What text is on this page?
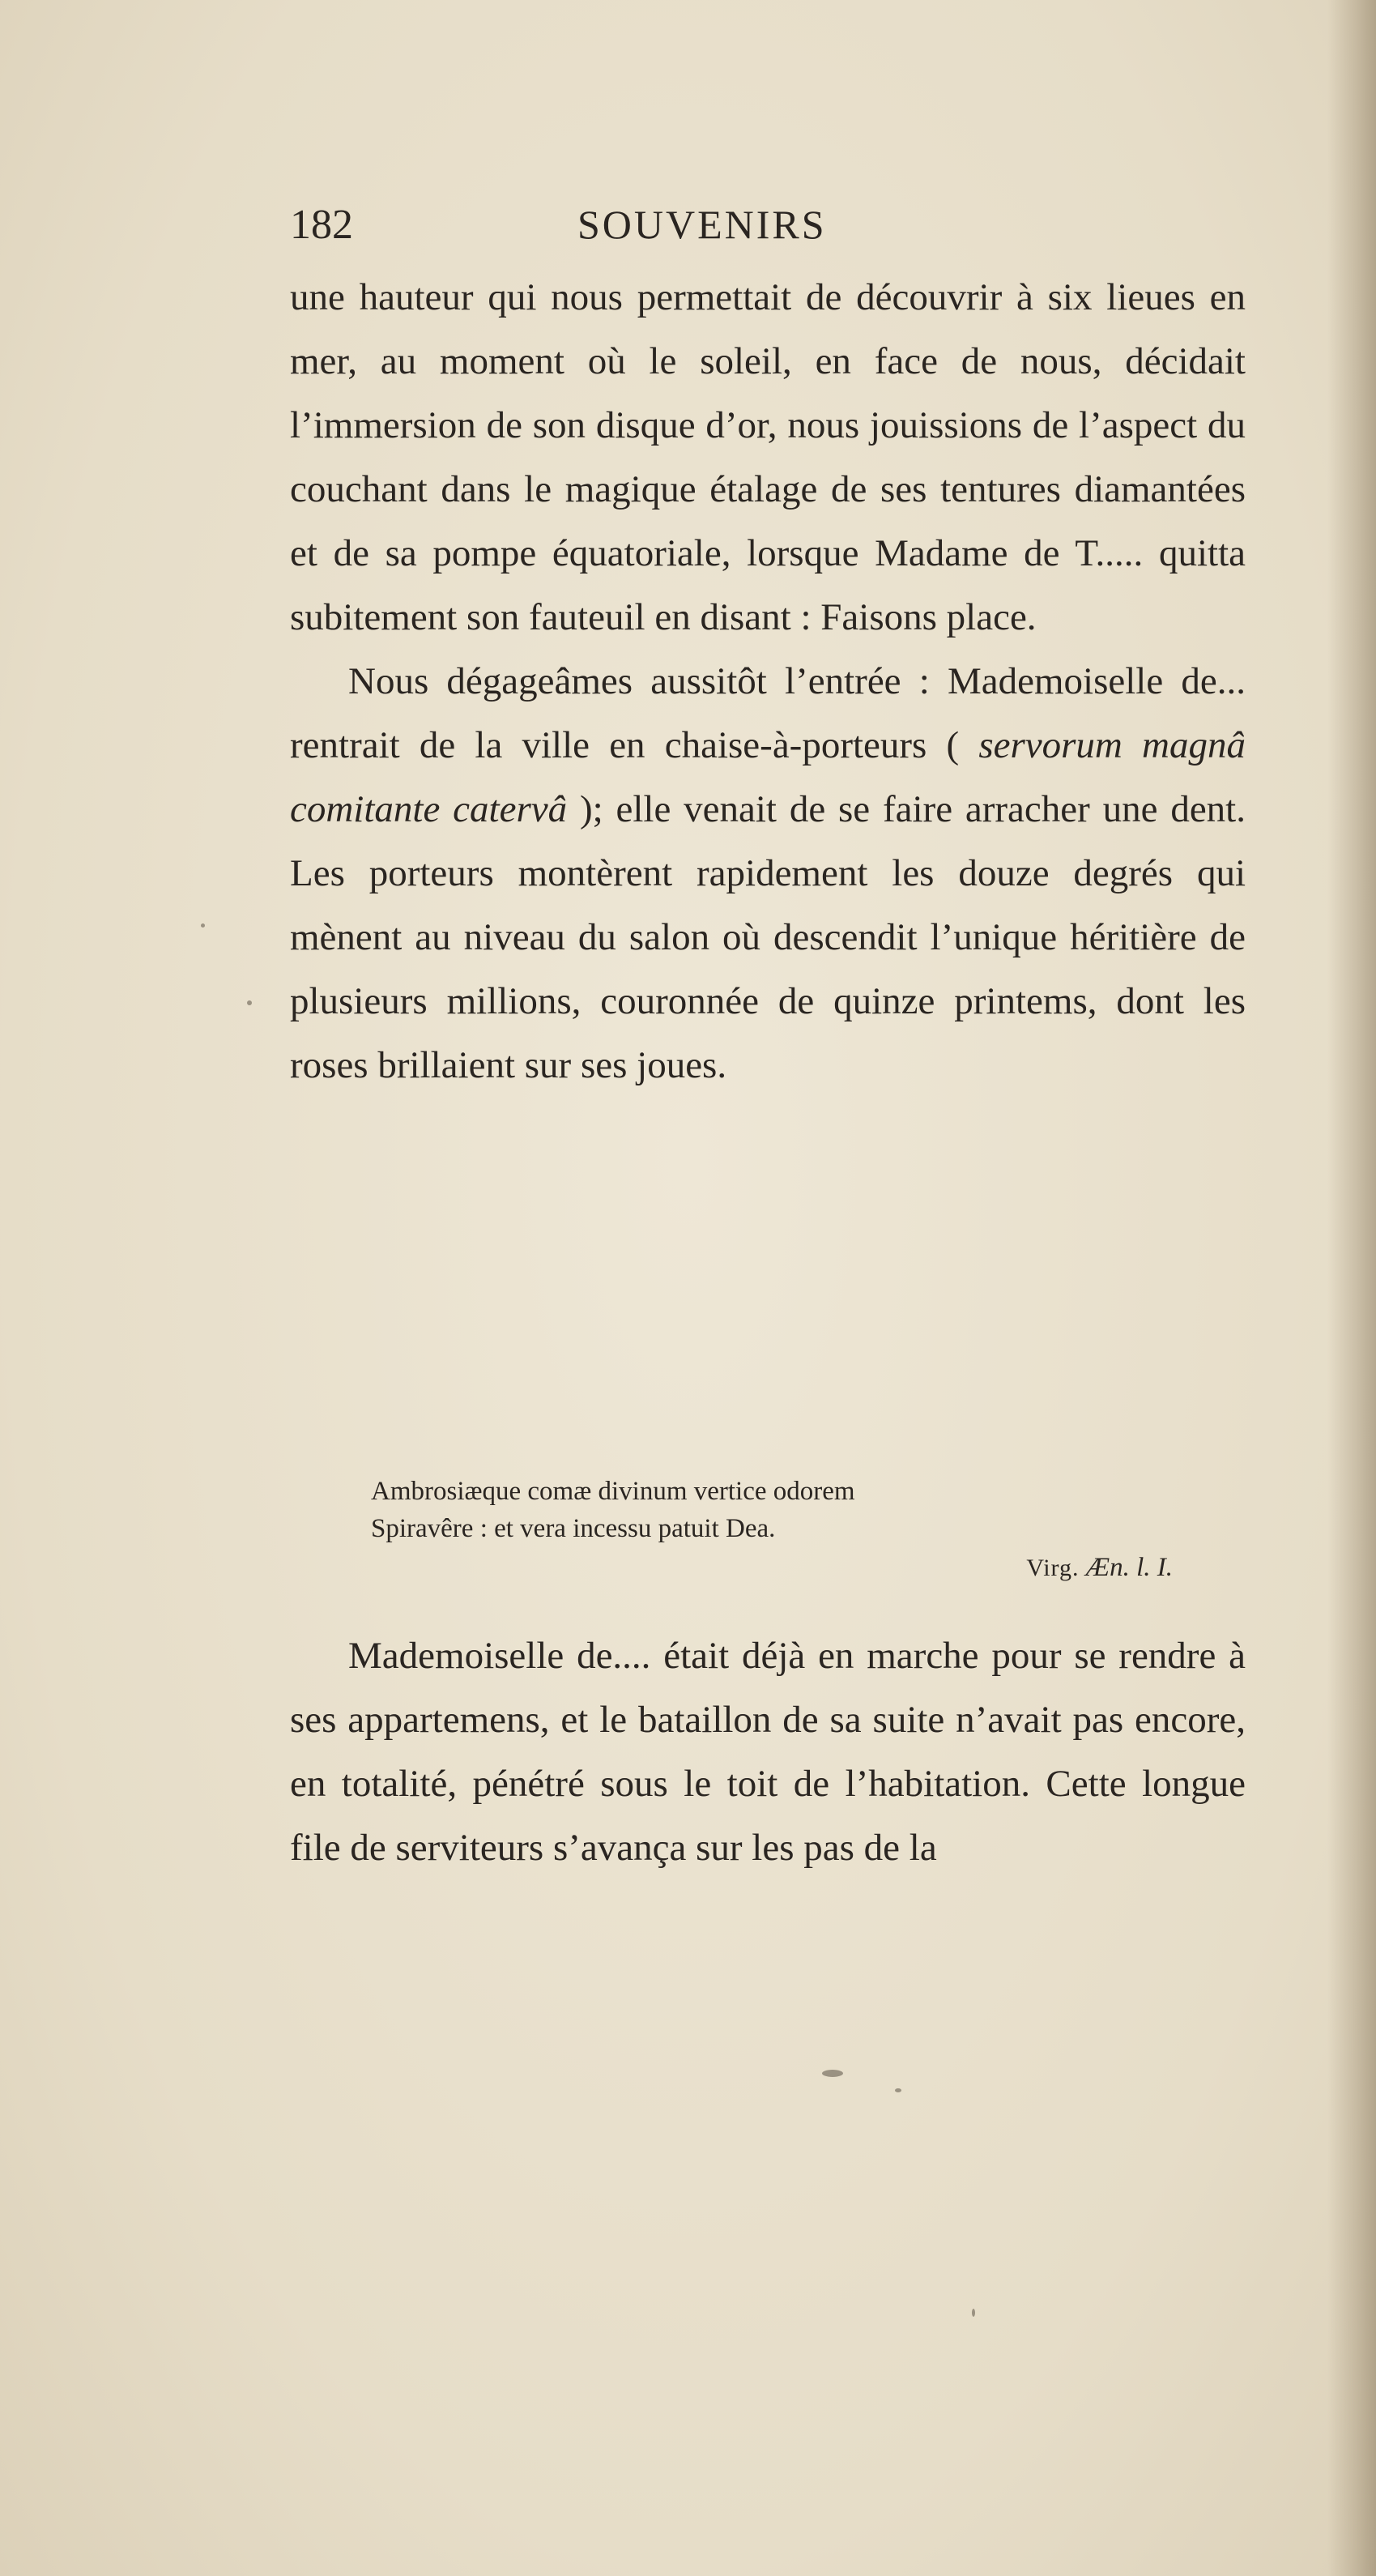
182	SOUVENIRS

une hauteur qui nous permettait de découvrir à six lieues en mer, au moment où le soleil, en face de nous, décidait l’immersion de son disque d’or, nous jouissions de l’aspect du couchant dans le magique étalage de ses tentures diamantées et de sa pompe équatoriale, lorsque Madame de T..... quitta subitement son fauteuil en disant : Faisons place.

Nous dégageâmes aussitôt l’entrée : Mademoiselle de... rentrait de la ville en chaise-à-porteurs ( servorum magnâ comitante catervâ ); elle venait de se faire arracher une dent. Les porteurs montèrent rapidement les douze degrés qui mènent au niveau du salon où descendit l’unique héritière de plusieurs millions, couronnée de quinze printems, dont les roses brillaient sur ses joues.

Ambrosiæque comæ divinum vertice odorem
Spiravêre : et vera incessu patuit Dea.
Virg. Æn. l. I.

Mademoiselle de.... était déjà en marche pour se rendre à ses appartemens, et le bataillon de sa suite n’avait pas encore, en totalité, pénétré sous le toit de l’habitation. Cette longue file de serviteurs s’avança sur les pas de la
